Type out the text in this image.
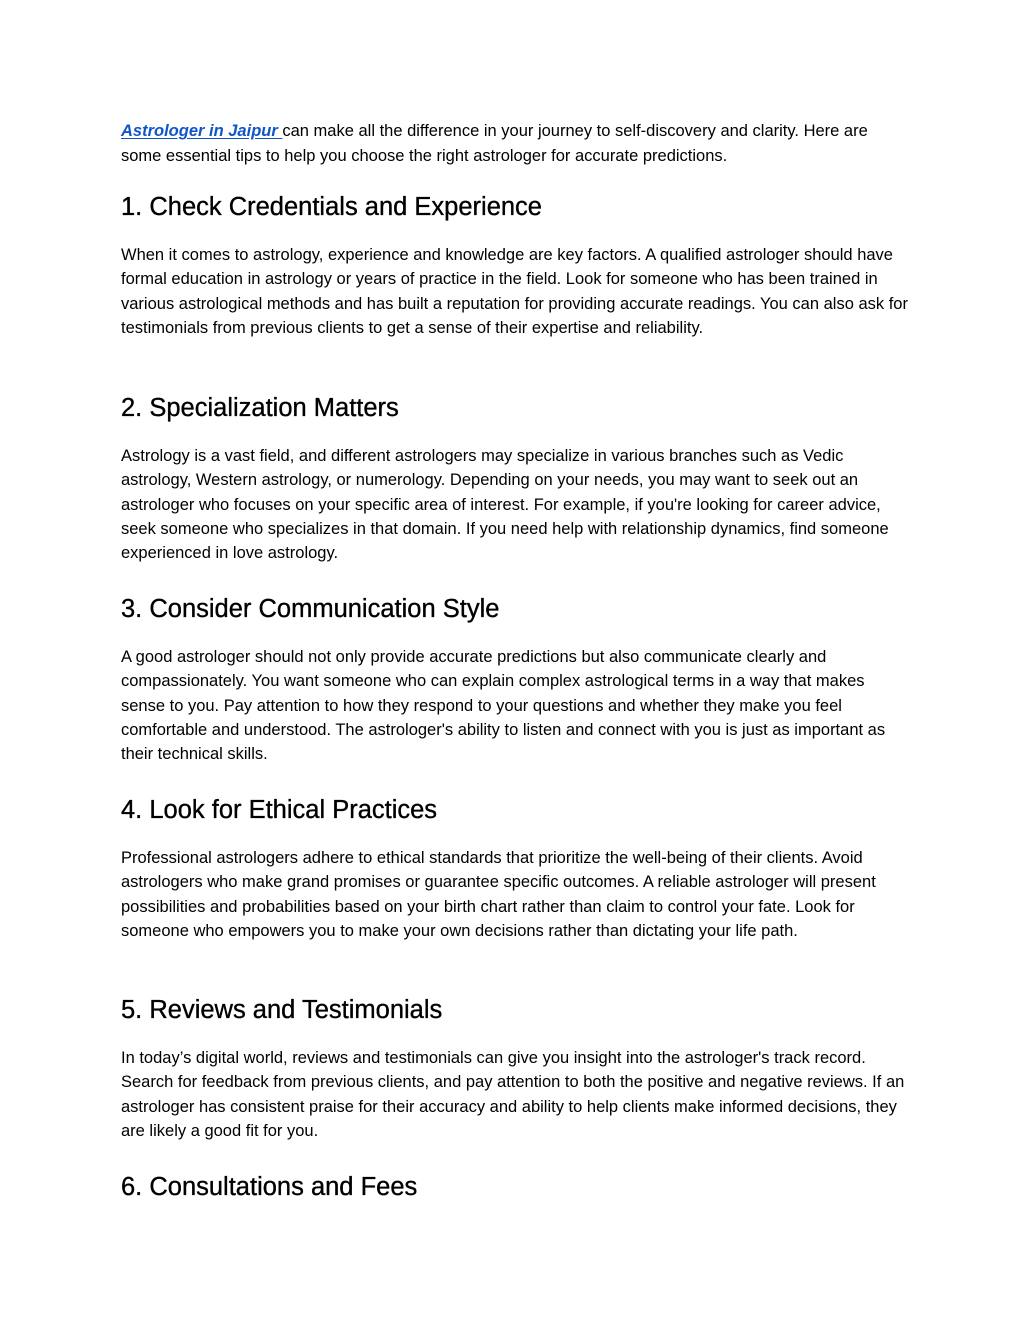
Astrologer in Jaipur can make all the difference in your journey to self-discovery and clarity. Here are some essential tips to help you choose the right astrologer for accurate predictions.

1. Check Credentials and Experience

When it comes to astrology, experience and knowledge are key factors. A qualified astrologer should have formal education in astrology or years of practice in the field. Look for someone who has been trained in various astrological methods and has built a reputation for providing accurate readings. You can also ask for testimonials from previous clients to get a sense of their expertise and reliability.

2. Specialization Matters

Astrology is a vast field, and different astrologers may specialize in various branches such as Vedic astrology, Western astrology, or numerology. Depending on your needs, you may want to seek out an astrologer who focuses on your specific area of interest. For example, if you're looking for career advice, seek someone who specializes in that domain. If you need help with relationship dynamics, find someone experienced in love astrology.

3. Consider Communication Style

A good astrologer should not only provide accurate predictions but also communicate clearly and compassionately. You want someone who can explain complex astrological terms in a way that makes sense to you. Pay attention to how they respond to your questions and whether they make you feel comfortable and understood. The astrologer's ability to listen and connect with you is just as important as their technical skills.

4. Look for Ethical Practices

Professional astrologers adhere to ethical standards that prioritize the well-being of their clients. Avoid astrologers who make grand promises or guarantee specific outcomes. A reliable astrologer will present possibilities and probabilities based on your birth chart rather than claim to control your fate. Look for someone who empowers you to make your own decisions rather than dictating your life path.

5. Reviews and Testimonials

In today’s digital world, reviews and testimonials can give you insight into the astrologer's track record. Search for feedback from previous clients, and pay attention to both the positive and negative reviews. If an astrologer has consistent praise for their accuracy and ability to help clients make informed decisions, they are likely a good fit for you.

6. Consultations and Fees
